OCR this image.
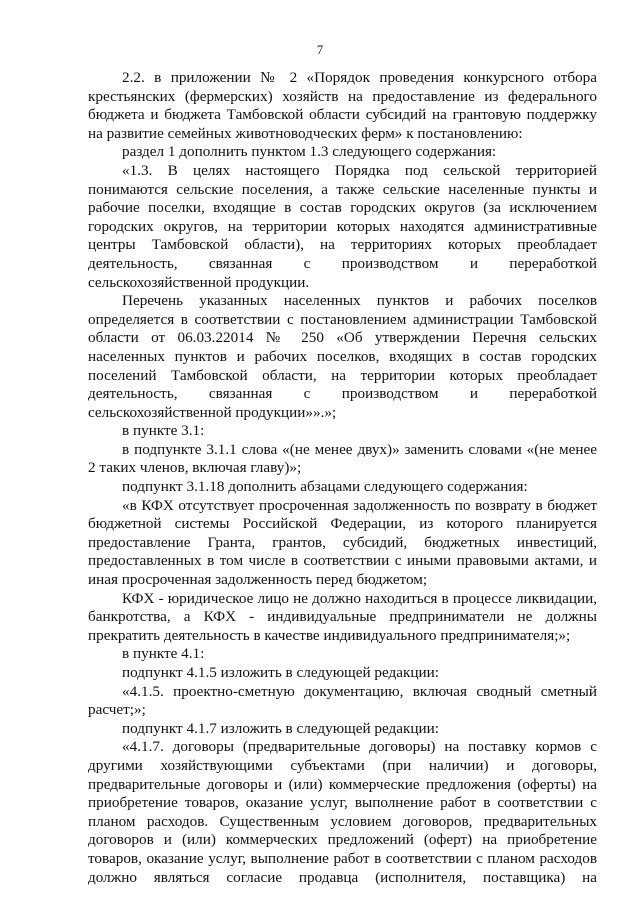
7

2.2. в приложении № 2 «Порядок проведения конкурсного отбора крестьянских (фермерских) хозяйств на предоставление из федерального бюджета и бюджета Тамбовской области субсидий на грантовую поддержку на развитие семейных животноводческих ферм» к постановлению:

раздел 1 дополнить пунктом 1.3 следующего содержания:

«1.3. В целях настоящего Порядка под сельской территорией понимаются сельские поселения, а также сельские населенные пункты и рабочие поселки, входящие в состав городских округов (за исключением городских округов, на территории которых находятся административные центры Тамбовской области), на территориях которых преобладает деятельность, связанная с производством и переработкой сельскохозяйственной продукции.

Перечень указанных населенных пунктов и рабочих поселков определяется в соответствии с постановлением администрации Тамбовской области от 06.03.22014 № 250 «Об утверждении Перечня сельских населенных пунктов и рабочих поселков, входящих в состав городских поселений Тамбовской области, на территории которых преобладает деятельность, связанная с производством и переработкой сельскохозяйственной продукции»».»;

в пункте 3.1:

в подпункте 3.1.1 слова «(не менее двух)» заменить словами «(не менее 2 таких членов, включая главу)»;

подпункт 3.1.18 дополнить абзацами следующего содержания:

«в КФХ отсутствует просроченная задолженность по возврату в бюджет бюджетной системы Российской Федерации, из которого планируется предоставление Гранта, грантов, субсидий, бюджетных инвестиций, предоставленных в том числе в соответствии с иными правовыми актами, и иная просроченная задолженность перед бюджетом;

КФХ - юридическое лицо не должно находиться в процессе ликвидации, банкротства, а КФХ - индивидуальные предприниматели не должны прекратить деятельность в качестве индивидуального предпринимателя;»;

в пункте 4.1:

подпункт 4.1.5 изложить в следующей редакции:

«4.1.5. проектно-сметную документацию, включая сводный сметный расчет;»;

подпункт 4.1.7 изложить в следующей редакции:

«4.1.7. договоры (предварительные договоры) на поставку кормов с другими хозяйствующими субъектами (при наличии) и договоры, предварительные договоры и (или) коммерческие предложения (оферты) на приобретение товаров, оказание услуг, выполнение работ в соответствии с планом расходов. Существенным условием договоров, предварительных договоров и (или) коммерческих предложений (оферт) на приобретение товаров, оказание услуг, выполнение работ в соответствии с планом расходов должно являться согласие продавца (исполнителя, поставщика) на
